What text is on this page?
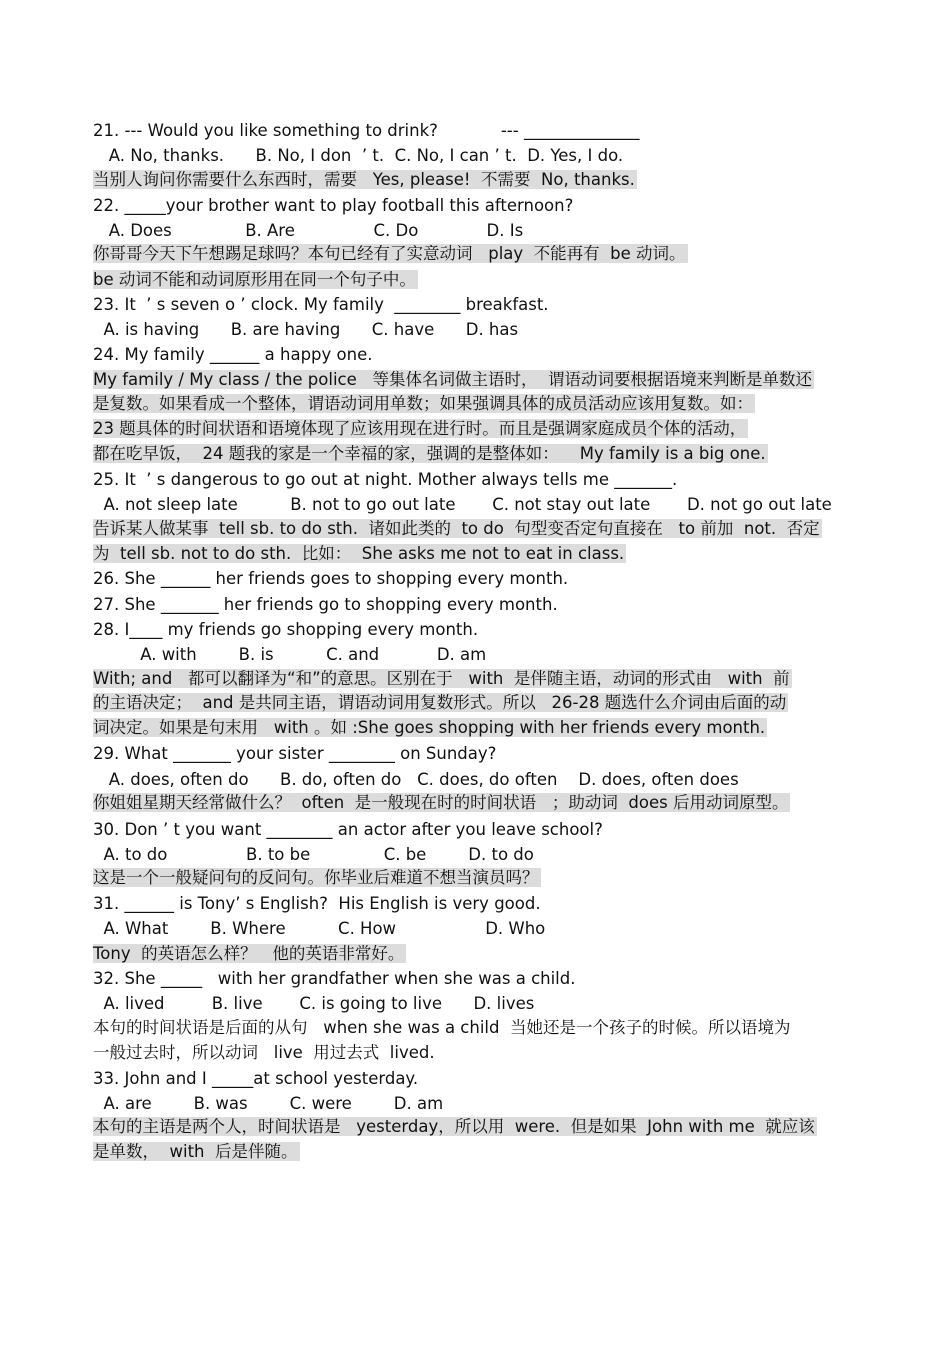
21. --- Would you like something to drink?            --- ______________
A. No, thanks.      B. No, I don  ’ t.  C. No, I can ’ t.  D. Yes, I do.
当别人询问你需要什么东西时，需要   Yes, please!  不需要  No, thanks.
22. _____your brother want to play football this afternoon?
A. Does              B. Are               C. Do             D. Is
你哥哥今天下午想踢足球吗？本句已经有了实意动词   play  不能再有  be 动词。
be 动词不能和动词原形用在同一个句子中。
23. It  ’ s seven o ’ clock. My family  ________ breakfast.
A. is having      B. are having      C. have      D. has
24. My family ______ a happy one.
My family / My class / the police   等集体名词做主语时，  谓语动词要根据语境来判断是单数还
是复数。如果看成一个整体，谓语动词用单数；如果强调具体的成员活动应该用复数。如：
23 题具体的时间状语和语境体现了应该用现在进行时。而且是强调家庭成员个体的活动，
都在吃早饭，  24 题我的家是一个幸福的家，强调的是整体如：    My family is a big one.
25. It  ’ s dangerous to go out at night. Mother always tells me _______.
A. not sleep late          B. not to go out late       C. not stay out late       D. not go out late
告诉某人做某事  tell sb. to do sth.  诸如此类的  to do  句型变否定句直接在   to 前加  not.  否定
为  tell sb. not to do sth.  比如：  She asks me not to eat in class.
26. She ______ her friends goes to shopping every month.
27. She _______ her friends go to shopping every month.
28. I____ my friends go shopping every month.
A. with        B. is          C. and           D. am
With; and   都可以翻译为“和”的意思。区别在于   with  是伴随主语，动词的形式由   with  前
的主语决定；  and 是共同主语，谓语动词用复数形式。所以   26-28 题选什么介词由后面的动
词决定。如果是句末用   with 。如 :She goes shopping with her friends every month.
29. What _______ your sister ________ on Sunday?
A. does, often do      B. do, often do   C. does, do often    D. does, often does
你姐姐星期天经常做什么？  often  是一般现在时的时间状语   ；助动词  does 后用动词原型。
30. Don ’ t you want ________ an actor after you leave school?
A. to do               B. to be              C. be        D. to do
这是一个一般疑问句的反问句。你毕业后难道不想当演员吗？
31. ______ is Tony’ s English?  His English is very good.
A. What        B. Where          C. How                 D. Who
Tony  的英语怎么样？   他的英语非常好。
32. She _____   with her grandfather when she was a child.
A. lived         B. live       C. is going to live      D. lives
本句的时间状语是后面的从句   when she was a child  当她还是一个孩子的时候。所以语境为
一般过去时，所以动词   live  用过去式  lived.
33. John and I _____at school yesterday.
A. are        B. was        C. were        D. am
本句的主语是两个人，时间状语是   yesterday，所以用  were.  但是如果  John with me  就应该
是单数，  with  后是伴随。
